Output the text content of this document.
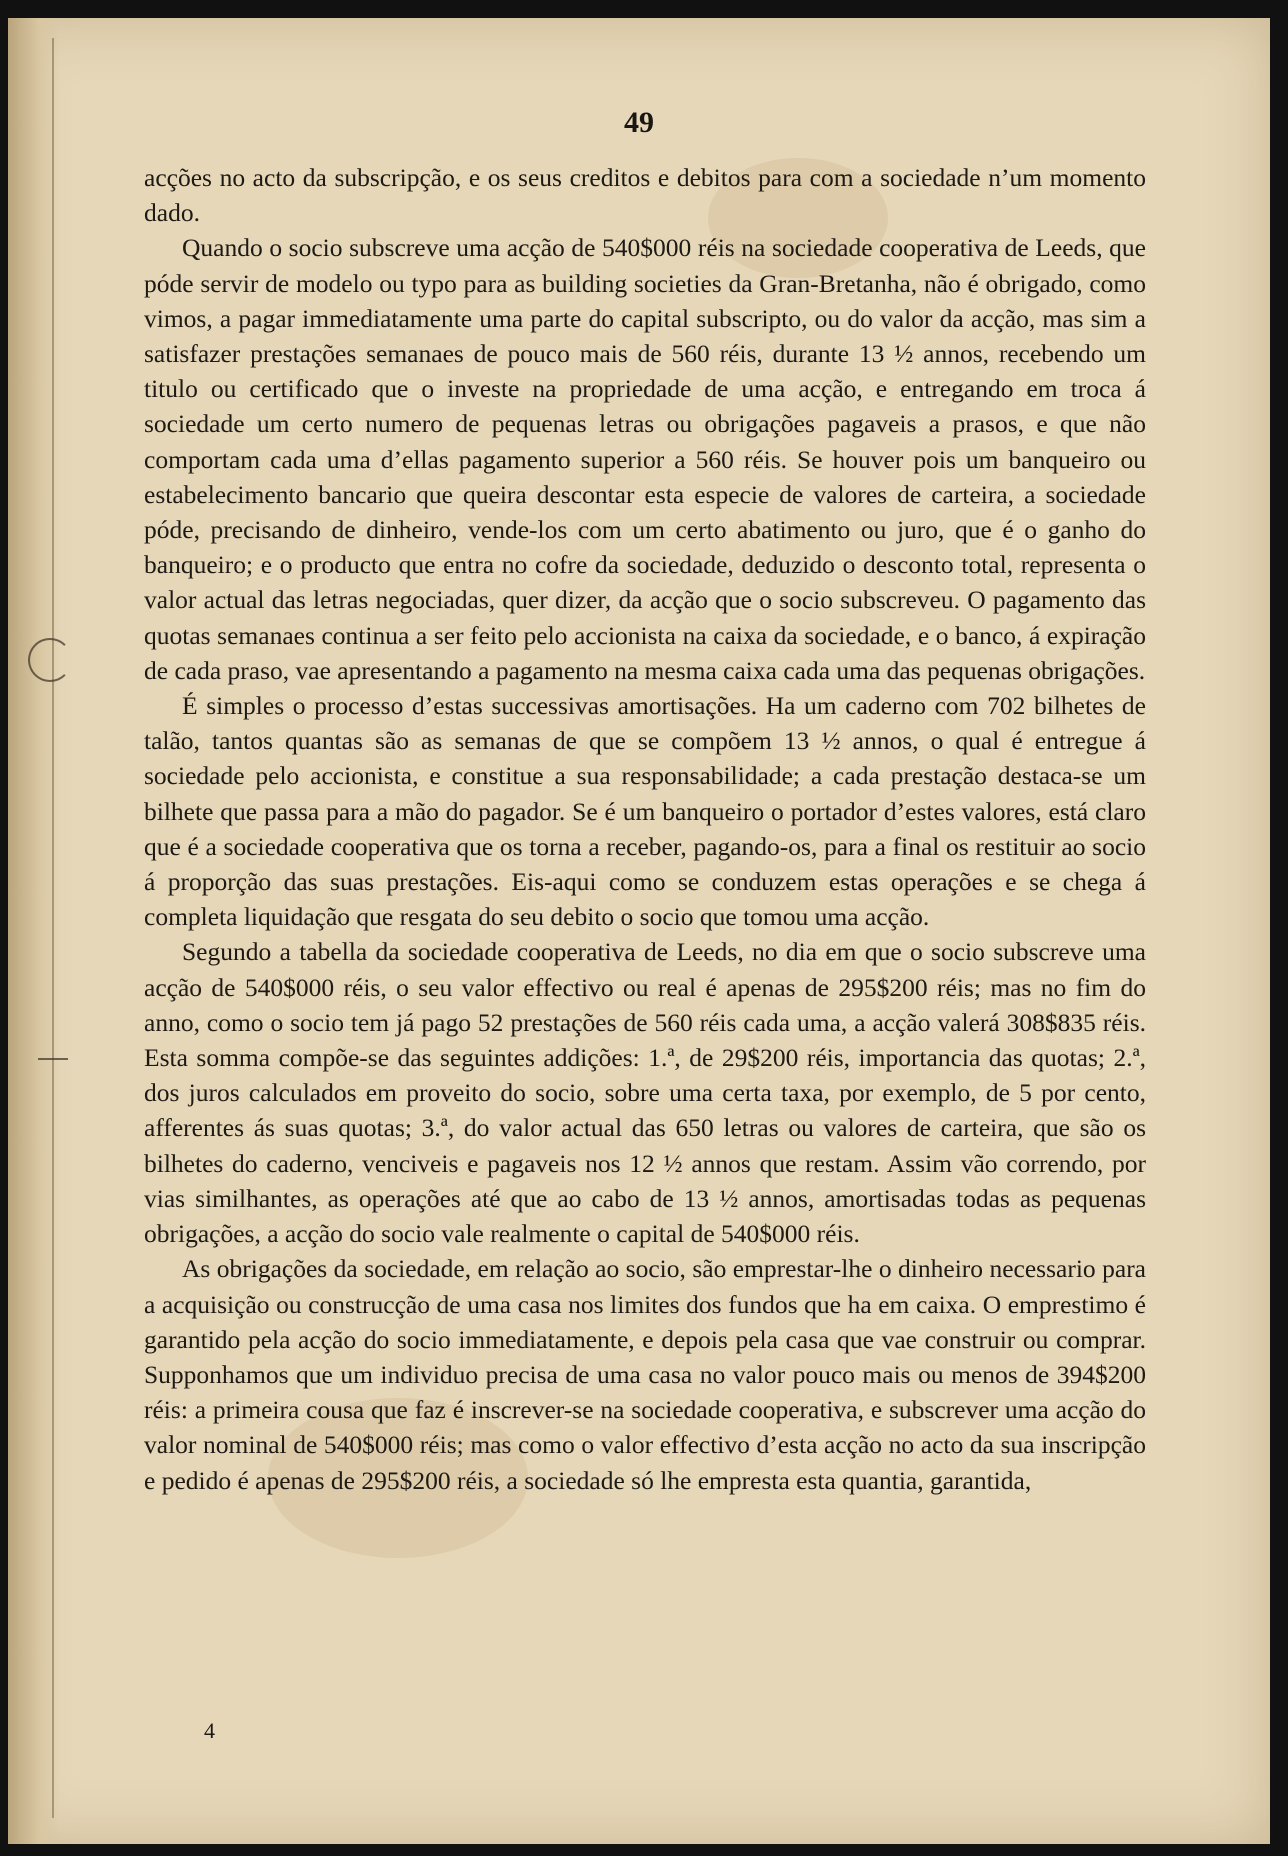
49

acções no acto da subscripção, e os seus creditos e debitos para com a sociedade n’um momento dado.

Quando o socio subscreve uma acção de 540$000 réis na sociedade cooperativa de Leeds, que póde servir de modelo ou typo para as building societies da Gran-Bretanha, não é obrigado, como vimos, a pagar immediatamente uma parte do capital subscripto, ou do valor da acção, mas sim a satisfazer prestações semanaes de pouco mais de 560 réis, durante 13 ½ annos, recebendo um titulo ou certificado que o investe na propriedade de uma acção, e entregando em troca á sociedade um certo numero de pequenas letras ou obrigações pagaveis a prasos, e que não comportam cada uma d’ellas pagamento superior a 560 réis. Se houver pois um banqueiro ou estabelecimento bancario que queira descontar esta especie de valores de carteira, a sociedade póde, precisando de dinheiro, vende-los com um certo abatimento ou juro, que é o ganho do banqueiro; e o producto que entra no cofre da sociedade, deduzido o desconto total, representa o valor actual das letras negociadas, quer dizer, da acção que o socio subscreveu. O pagamento das quotas semanaes continua a ser feito pelo accionista na caixa da sociedade, e o banco, á expiração de cada praso, vae apresentando a pagamento na mesma caixa cada uma das pequenas obrigações.

É simples o processo d’estas successivas amortisações. Ha um caderno com 702 bilhetes de talão, tantos quantas são as semanas de que se compõem 13 ½ annos, o qual é entregue á sociedade pelo accionista, e constitue a sua responsabilidade; a cada prestação destaca-se um bilhete que passa para a mão do pagador. Se é um banqueiro o portador d’estes valores, está claro que é a sociedade cooperativa que os torna a receber, pagando-os, para a final os restituir ao socio á proporção das suas prestações. Eis-aqui como se conduzem estas operações e se chega á completa liquidação que resgata do seu debito o socio que tomou uma acção.

Segundo a tabella da sociedade cooperativa de Leeds, no dia em que o socio subscreve uma acção de 540$000 réis, o seu valor effectivo ou real é apenas de 295$200 réis; mas no fim do anno, como o socio tem já pago 52 prestações de 560 réis cada uma, a acção valerá 308$835 réis. Esta somma compõe-se das seguintes addições: 1.ª, de 29$200 réis, importancia das quotas; 2.ª, dos juros calculados em proveito do socio, sobre uma certa taxa, por exemplo, de 5 por cento, afferentes ás suas quotas; 3.ª, do valor actual das 650 letras ou valores de carteira, que são os bilhetes do caderno, venciveis e pagaveis nos 12 ½ annos que restam. Assim vão correndo, por vias similhantes, as operações até que ao cabo de 13 ½ annos, amortisadas todas as pequenas obrigações, a acção do socio vale realmente o capital de 540$000 réis.

As obrigações da sociedade, em relação ao socio, são emprestar-lhe o dinheiro necessario para a acquisição ou construcção de uma casa nos limites dos fundos que ha em caixa. O emprestimo é garantido pela acção do socio immediatamente, e depois pela casa que vae construir ou comprar. Supponhamos que um individuo precisa de uma casa no valor pouco mais ou menos de 394$200 réis: a primeira cousa que faz é inscrever-se na sociedade cooperativa, e subscrever uma acção do valor nominal de 540$000 réis; mas como o valor effectivo d’esta acção no acto da sua inscripção e pedido é apenas de 295$200 réis, a sociedade só lhe empresta esta quantia, garantida,

4
